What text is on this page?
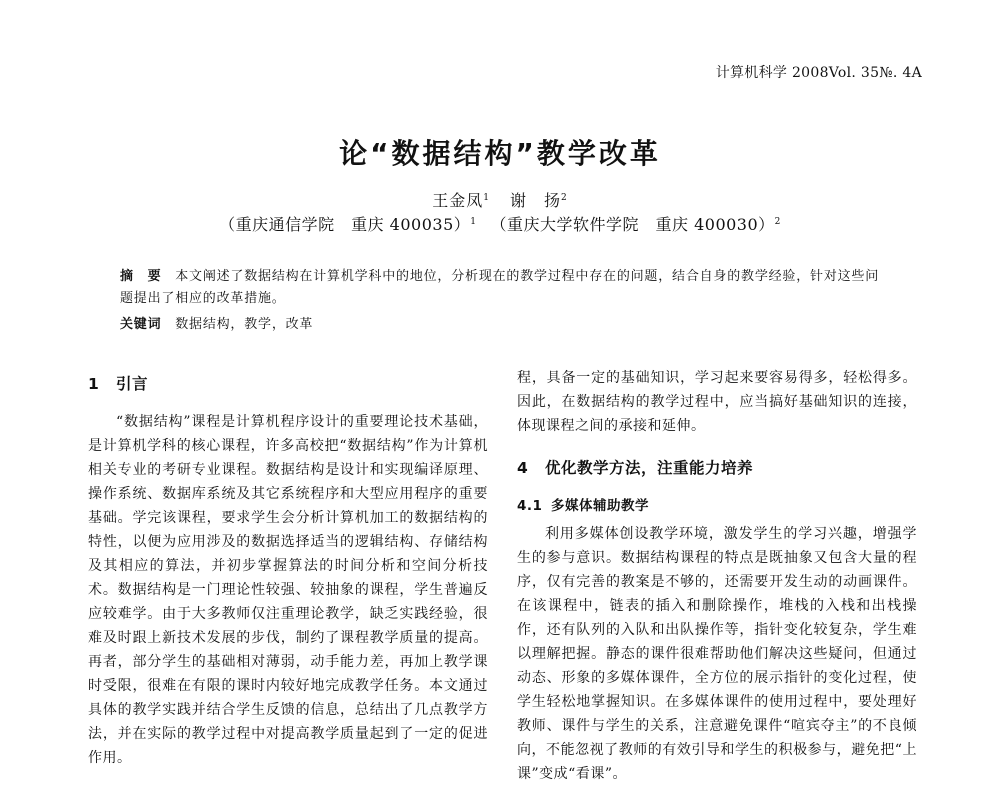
计算机科学 2008Vol. 35№. 4A
论“数据结构”教学改革
王金凤$^1$ 谢　扬$^2$
（重庆通信学院　重庆 400035）$^1$ （重庆大学软件学院　重庆 400030）$^2$
摘　要　 本文阐述了数据结构在计算机学科中的地位，分析现在的教学过程中存在的问题，结合自身的教学经验，针对这些问题提出了相应的改革措施。
关键词　 数据结构，教学，改革
1 引言
“数据结构”课程是计算机程序设计的重要理论技术基础，是计算机学科的核心课程，许多高校把“数据结构”作为计算机相关专业的考研专业课程。数据结构是设计和实现编译原理、操作系统、数据库系统及其它系统程序和大型应用程序的重要基础。学完该课程，要求学生会分析计算机加工的数据结构的特性，以便为应用涉及的数据选择适当的逻辑结构、存储结构及其相应的算法，并初步掌握算法的时间分析和空间分析技术。数据结构是一门理论性较强、较抽象的课程，学生普遍反应较难学。由于大多教师仅注重理论教学，缺乏实践经验，很难及时跟上新技术发展的步伐，制约了课程教学质量的提高。再者，部分学生的基础相对薄弱，动手能力差，再加上教学课时受限，很难在有限的课时内较好地完成教学任务。本文通过具体的教学实践并结合学生反馈的信息，总结出了几点教学方法，并在实际的教学过程中对提高教学质量起到了一定的促进作用。
程，具备一定的基础知识，学习起来要容易得多，轻松得多。因此，在数据结构的教学过程中，应当搞好基础知识的连接，体现课程之间的承接和延伸。
4 优化教学方法，注重能力培养
4.1 多媒体辅助教学
利用多媒体创设教学环境，激发学生的学习兴趣，增强学生的参与意识。数据结构课程的特点是既抽象又包含大量的程序，仅有完善的教案是不够的，还需要开发生动的动画课件。在该课程中，链表的插入和删除操作，堆栈的入栈和出栈操作，还有队列的入队和出队操作等，指针变化较复杂，学生难以理解把握。静态的课件很难帮助他们解决这些疑问，但通过动态、形象的多媒体课件，全方位的展示指针的变化过程，使学生轻松地掌握知识。在多媒体课件的使用过程中，要处理好教师、课件与学生的关系，注意避免课件“喧宾夺主”的不良倾向，不能忽视了教师的有效引导和学生的积极参与，避免把“上课”变成“看课”。
